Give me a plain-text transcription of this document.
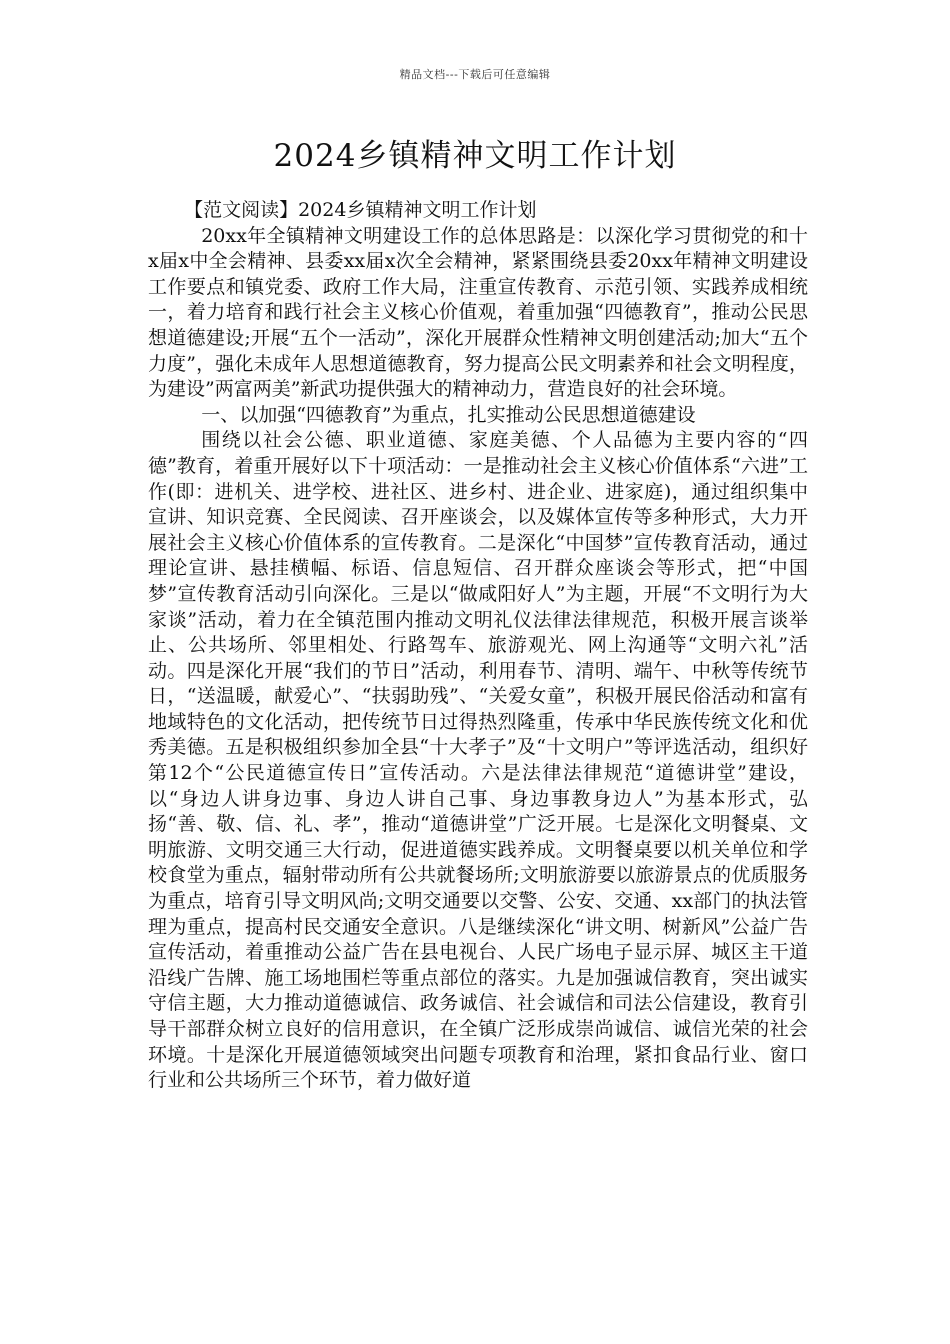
精品文档---下载后可任意编辑
2024乡镇精神文明工作计划

【范文阅读】2024乡镇精神文明工作计划

20xx年全镇精神文明建设工作的总体思路是：以深化学习贯彻党的和十x届x中全会精神、县委xx届x次全会精神，紧紧围绕县委20xx年精神文明建设工作要点和镇党委、政府工作大局，注重宣传教育、示范引领、实践养成相统一，着力培育和践行社会主义核心价值观，着重加强“四德教育”，推动公民思想道德建设;开展“五个一活动”，深化开展群众性精神文明创建活动;加大“五个力度”，强化未成年人思想道德教育，努力提高公民文明素养和社会文明程度，为建设”两富两美”新武功提供强大的精神动力，营造良好的社会环境。

一、以加强“四德教育”为重点，扎实推动公民思想道德建设

围绕以社会公德、职业道德、家庭美德、个人品德为主要内容的“四德”教育，着重开展好以下十项活动：一是推动社会主义核心价值体系“六进”工作(即：进机关、进学校、进社区、进乡村、进企业、进家庭)，通过组织集中宣讲、知识竞赛、全民阅读、召开座谈会，以及媒体宣传等多种形式，大力开展社会主义核心价值体系的宣传教育。二是深化“中国梦”宣传教育活动，通过理论宣讲、悬挂横幅、标语、信息短信、召开群众座谈会等形式，把“中国梦”宣传教育活动引向深化。三是以“做咸阳好人”为主题，开展“不文明行为大家谈”活动，着力在全镇范围内推动文明礼仪法律法律规范，积极开展言谈举止、公共场所、邻里相处、行路驾车、旅游观光、网上沟通等“文明六礼”活动。四是深化开展“我们的节日”活动，利用春节、清明、端午、中秋等传统节日，“送温暖，献爱心”、“扶弱助残”、“关爱女童”，积极开展民俗活动和富有地域特色的文化活动，把传统节日过得热烈隆重，传承中华民族传统文化和优秀美德。五是积极组织参加全县“十大孝子”及“十文明户”等评选活动，组织好第12个“公民道德宣传日”宣传活动。六是法律法律规范“道德讲堂”建设，以“身边人讲身边事、身边人讲自己事、身边事教身边人”为基本形式，弘扬“善、敬、信、礼、孝”，推动“道德讲堂”广泛开展。七是深化文明餐桌、文明旅游、文明交通三大行动，促进道德实践养成。文明餐桌要以机关单位和学校食堂为重点，辐射带动所有公共就餐场所;文明旅游要以旅游景点的优质服务为重点，培育引导文明风尚;文明交通要以交警、公安、交通、xx部门的执法管理为重点，提高村民交通安全意识。八是继续深化“讲文明、树新风”公益广告宣传活动，着重推动公益广告在县电视台、人民广场电子显示屏、城区主干道沿线广告牌、施工场地围栏等重点部位的落实。九是加强诚信教育，突出诚实守信主题，大力推动道德诚信、政务诚信、社会诚信和司法公信建设，教育引导干部群众树立良好的信用意识，在全镇广泛形成崇尚诚信、诚信光荣的社会环境。十是深化开展道德领域突出问题专项教育和治理，紧扣食品行业、窗口行业和公共场所三个环节，着力做好道
